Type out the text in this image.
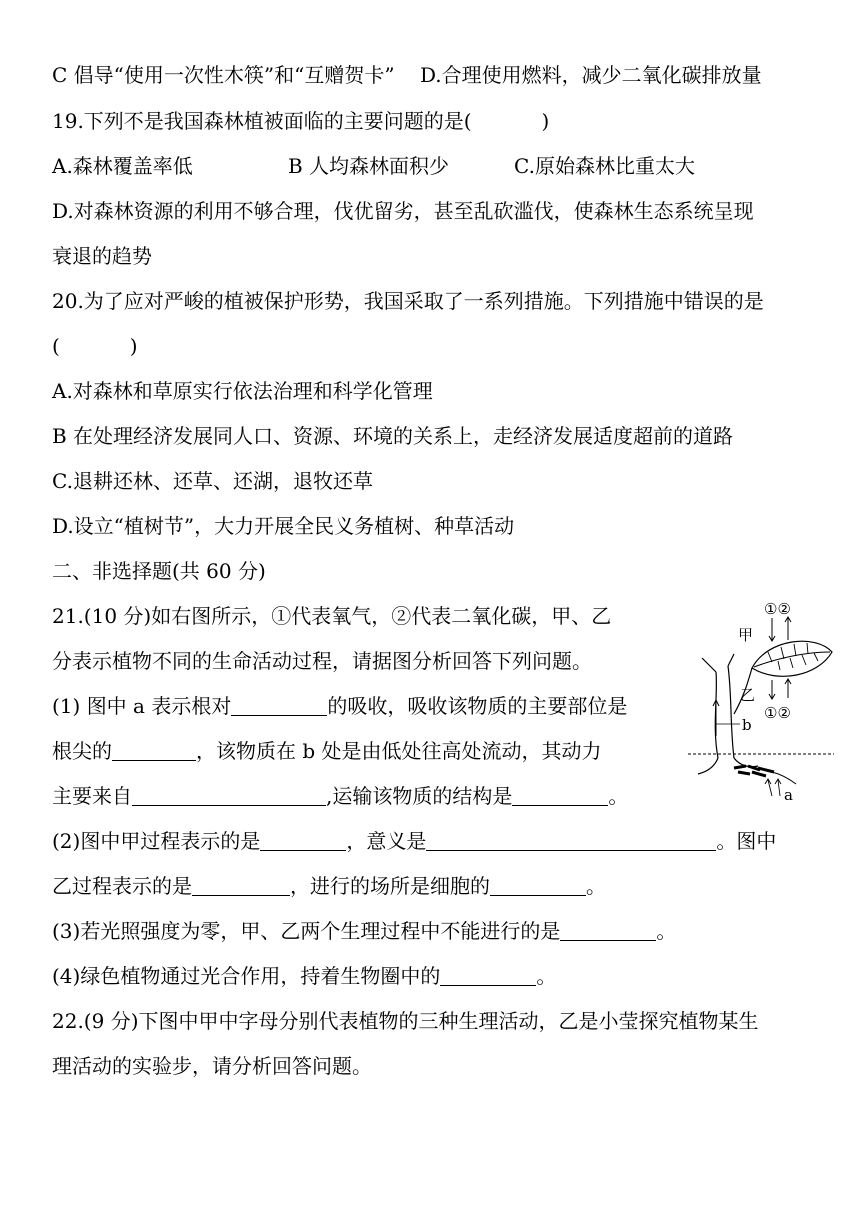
C 倡导“使用一次性木筷”和“互赠贺卡”    D.合理使用燃料，减少二氧化碳排放量
19.下列不是我国森林植被面临的主要问题的是(           )
A.森林覆盖率低	B 人均森林面积少	C.原始森林比重太大
D.对森林资源的利用不够合理，伐优留劣，甚至乱砍滥伐，使森林生态系统呈现
衰退的趋势
20.为了应对严峻的植被保护形势，我国采取了一系列措施。下列措施中错误的是
(           )
A.对森林和草原实行依法治理和科学化管理
B 在处理经济发展同人口、资源、环境的关系上，走经济发展适度超前的道路
C.退耕还林、还草、还湖，退牧还草
D.设立“植树节”，大力开展全民义务植树、种草活动
二、非选择题(共 60 分)
21.(10 分)如右图所示，①代表氧气，②代表二氧化碳，甲、乙
分表示植物不同的生命活动过程，请据图分析回答下列问题。
(1) 图中 a 表示根对	的吸收，吸收该物质的主要部位是
根尖的	，该物质在 b 处是由低处往高处流动，其动力
主要来自	,运输该物质的结构是	。
(2)图中甲过程表示的是	，意义是	。图中
乙过程表示的是	，进行的场所是细胞的	。
(3)若光照强度为零，甲、乙两个生理过程中不能进行的是	。
(4)绿色植物通过光合作用，持着生物圈中的	。
22.(9 分)下图中甲中字母分别代表植物的三种生理活动，乙是小莹探究植物某生
理活动的实验步，请分析回答问题。
①②
甲
乙
①②
b
a
